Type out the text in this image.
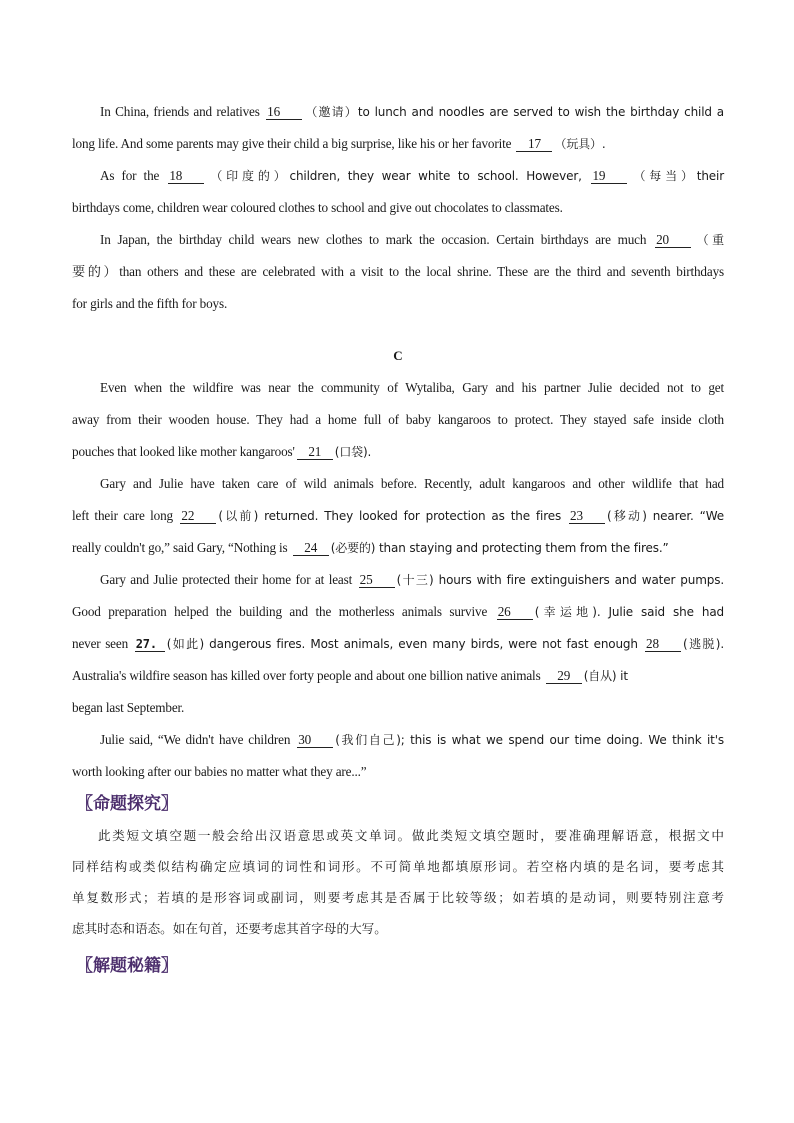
In China, friends and relatives 16 （邀请）to lunch and noodles are served to wish the birthday child a
long life. And some parents may give their child a big surprise, like his or her favorite 17 （玩具）.
As for the 18 （印度的）children, they wear white to school. However, 19 （每当）their
birthdays come, children wear coloured clothes to school and give out chocolates to classmates.
In Japan, the birthday child wears new clothes to mark the occasion. Certain birthdays are much 20 （重
要的）than others and these are celebrated with a visit to the local shrine. These are the third and seventh birthdays
for girls and the fifth for boys.
C
Even when the wildfire was near the community of Wytaliba, Gary and his partner Julie decided not to get
away from their wooden house. They had a home full of baby kangaroos to protect. They stayed safe inside cloth
pouches that looked like mother kangaroos' 21 (口袋).
Gary and Julie have taken care of wild animals before. Recently, adult kangaroos and other wildlife that had
left their care long 22 (以前) returned. They looked for protection as the fires 23 (移动) nearer. “We
really couldn't go,” said Gary, “Nothing is 24 (必要的) than staying and protecting them from the fires.”
Gary and Julie protected their home for at least 25 (十三) hours with fire extinguishers and water pumps.
Good preparation helped the building and the motherless animals survive 26 (幸运地). Julie said she had
never seen 27. (如此) dangerous fires. Most animals, even many birds, were not fast enough 28 (逃脱).
Australia's wildfire season has killed over forty people and about one billion native animals 29 (自从) it
began last September.
Julie said, “We didn't have children 30 (我们自己); this is what we spend our time doing. We think it's
worth looking after our babies no matter what they are...”
〖命题探究〗
此类短文填空题一般会给出汉语意思或英文单词。做此类短文填空题时，要准确理解语意，根据文中
同样结构或类似结构确定应填词的词性和词形。不可简单地都填原形词。若空格内填的是名词，要考虑其
单复数形式；若填的是形容词或副词，则要考虑其是否属于比较等级；如若填的是动词，则要特别注意考
虑其时态和语态。如在句首，还要考虑其首字母的大写。
〖解题秘籍〗
